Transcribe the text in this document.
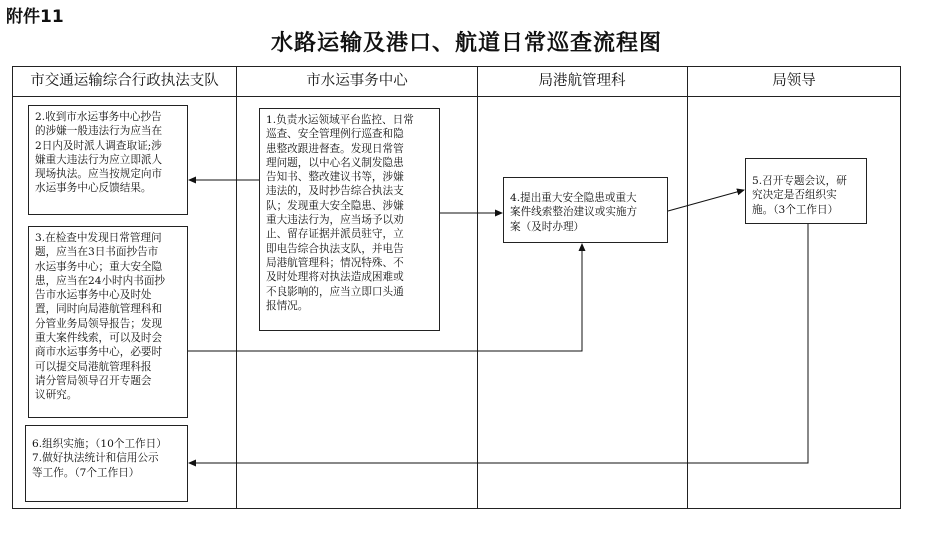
附件11
水路运输及港口、航道日常巡查流程图
市交通运输综合行政执法支队	市水运事务中心	局港航管理科	局领导
1.负责水运领域平台监控、日常
巡查、安全管理例行巡查和隐
患整改跟进督查。发现日常管
理问题，以中心名义制发隐患
告知书、整改建议书等，涉嫌
违法的，及时抄告综合执法支
队；发现重大安全隐患、涉嫌
重大违法行为，应当场予以劝
止、留存证据并派员驻守，立
即电告综合执法支队，并电告
局港航管理科；情况特殊、不
及时处理将对执法造成困难或
不良影响的，应当立即口头通
报情况。
2.收到市水运事务中心抄告
的涉嫌一般违法行为应当在
2日内及时派人调查取证;涉
嫌重大违法行为应立即派人
现场执法。应当按规定向市
水运事务中心反馈结果。
3.在检查中发现日常管理问
题，应当在3日书面抄告市
水运事务中心；重大安全隐
患，应当在24小时内书面抄
告市水运事务中心及时处
置，同时向局港航管理科和
分管业务局领导报告；发现
重大案件线索，可以及时会
商市水运事务中心，必要时
可以提交局港航管理科报
请分管局领导召开专题会
议研究。
4.提出重大安全隐患或重大
案件线索整治建议或实施方
案（及时办理）
5.召开专题会议，研
究决定是否组织实
施。（3个工作日）
6.组织实施；（10个工作日）
7.做好执法统计和信用公示
等工作。（7个工作日）
